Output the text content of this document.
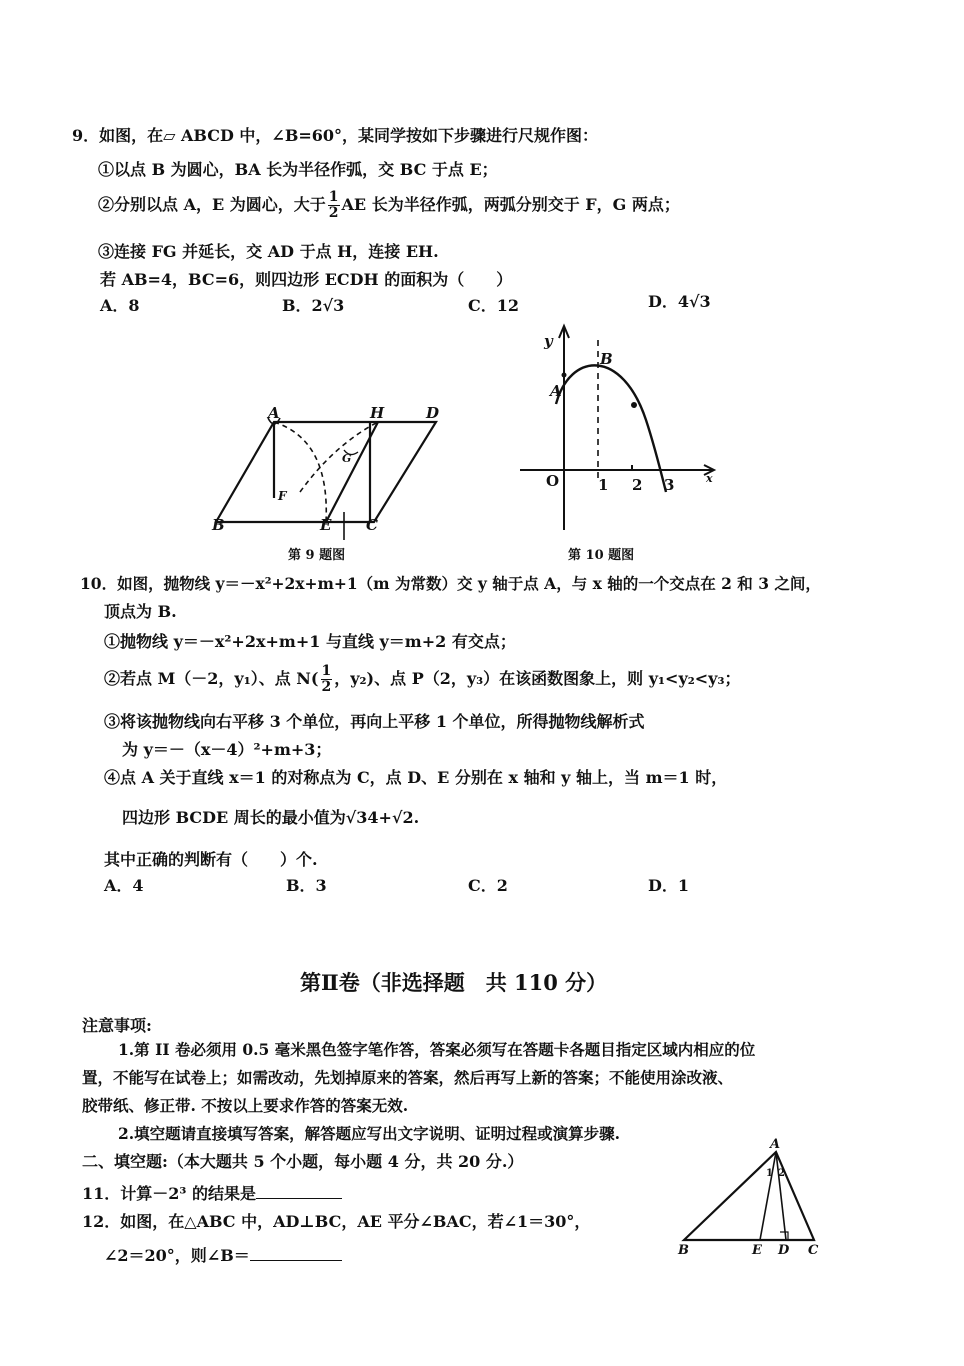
9．如图，在▱ ABCD 中，∠B=60°，某同学按如下步骤进行尺规作图：
①以点 B 为圆心，BA 长为半径作弧，交 BC 于点 E；
②分别以点 A，E 为圆心，大于 $\frac{1}{2}$ AE 长为半径作弧，两弧分别交于 F，G 两点；
③连接 FG 并延长，交 AD 于点 H，连接 EH.
若 AB=4，BC=6，则四边形 ECDH 的面积为（　　）
A．8	B．2√3	C．12	D．4√3
A	H	D
B	E C
F
G
第 9 题图
y
x
O
A
B
1 2 3
第 10 题图
10．如图，抛物线 y＝－x²+2x+m+1（m 为常数）交 y 轴于点 A，与 x 轴的一个交点在 2 和 3 之间，
顶点为 B.
①抛物线 y＝－x²+2x+m+1 与直线 y＝m+2 有交点；
②若点 M（－2，y₁）、点 $N( \frac{1}{2}$ ，y₂)、点 P（2，y₃）在该函数图象上，则 y₁<y₂<y₃；
③将该抛物线向右平移 3 个单位，再向上平移 1 个单位，所得抛物线解析式
为 y＝－（x－4）²+m+3；
④点 A 关于直线 x＝1 的对称点为 C，点 D、E 分别在 x 轴和 y 轴上，当 m＝1 时，
四边形 BCDE 周长的最小值为√34+√2.
其中正确的判断有（　　）个.
A．4	B．3	C．2	D．1
第Ⅱ卷（非选择题　共 110 分）
注意事项:
1.第 II 卷必须用 0.5 毫米黑色签字笔作答，答案必须写在答题卡各题目指定区域内相应的位
置，不能写在试卷上；如需改动，先划掉原来的答案，然后再写上新的答案；不能使用涂改液、
胶带纸、修正带. 不按以上要求作答的答案无效.
2.填空题请直接填写答案，解答题应写出文字说明、证明过程或演算步骤.
二、填空题:（本大题共 5 个小题，每小题 4 分，共 20 分.）
11．计算－2³ 的结果是
12．如图，在△ABC 中，AD⊥BC，AE 平分∠BAC，若∠1＝30°，
∠2＝20°，则∠B＝
A
B	E D C
1 2
